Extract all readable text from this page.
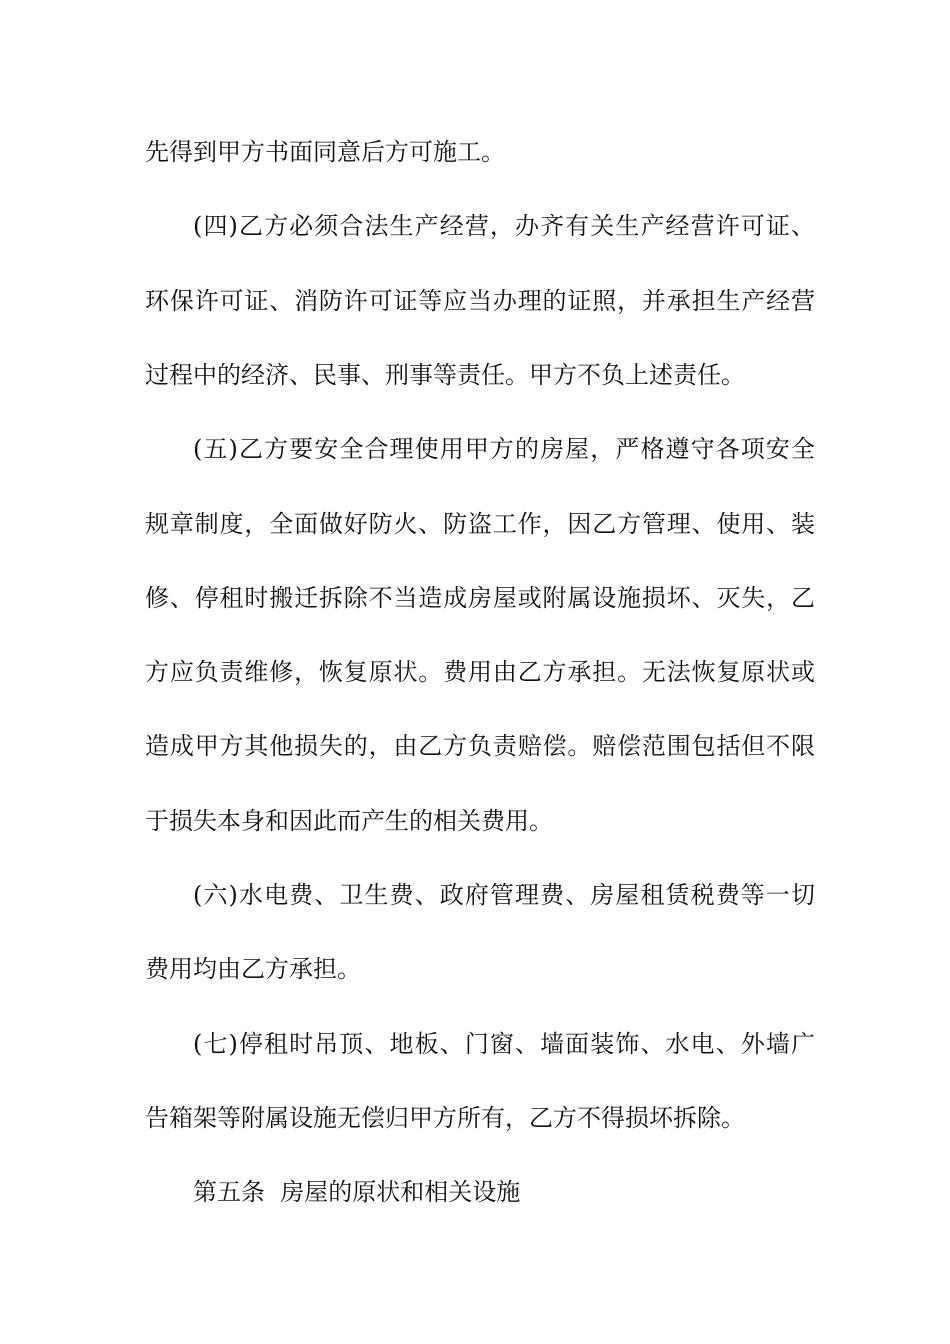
先得到甲方书面同意后方可施工。
(四)乙方必须合法生产经营，办齐有关生产经营许可证、
环保许可证、消防许可证等应当办理的证照，并承担生产经营
过程中的经济、民事、刑事等责任。甲方不负上述责任。
(五)乙方要安全合理使用甲方的房屋，严格遵守各项安全
规章制度，全面做好防火、防盗工作，因乙方管理、使用、装
修、停租时搬迁拆除不当造成房屋或附属设施损坏、灭失，乙
方应负责维修，恢复原状。费用由乙方承担。无法恢复原状或
造成甲方其他损失的，由乙方负责赔偿。赔偿范围包括但不限
于损失本身和因此而产生的相关费用。
(六)水电费、卫生费、政府管理费、房屋租赁税费等一切
费用均由乙方承担。
(七)停租时吊顶、地板、门窗、墙面装饰、水电、外墙广
告箱架等附属设施无偿归甲方所有，乙方不得损坏拆除。
第五条  房屋的原状和相关设施
